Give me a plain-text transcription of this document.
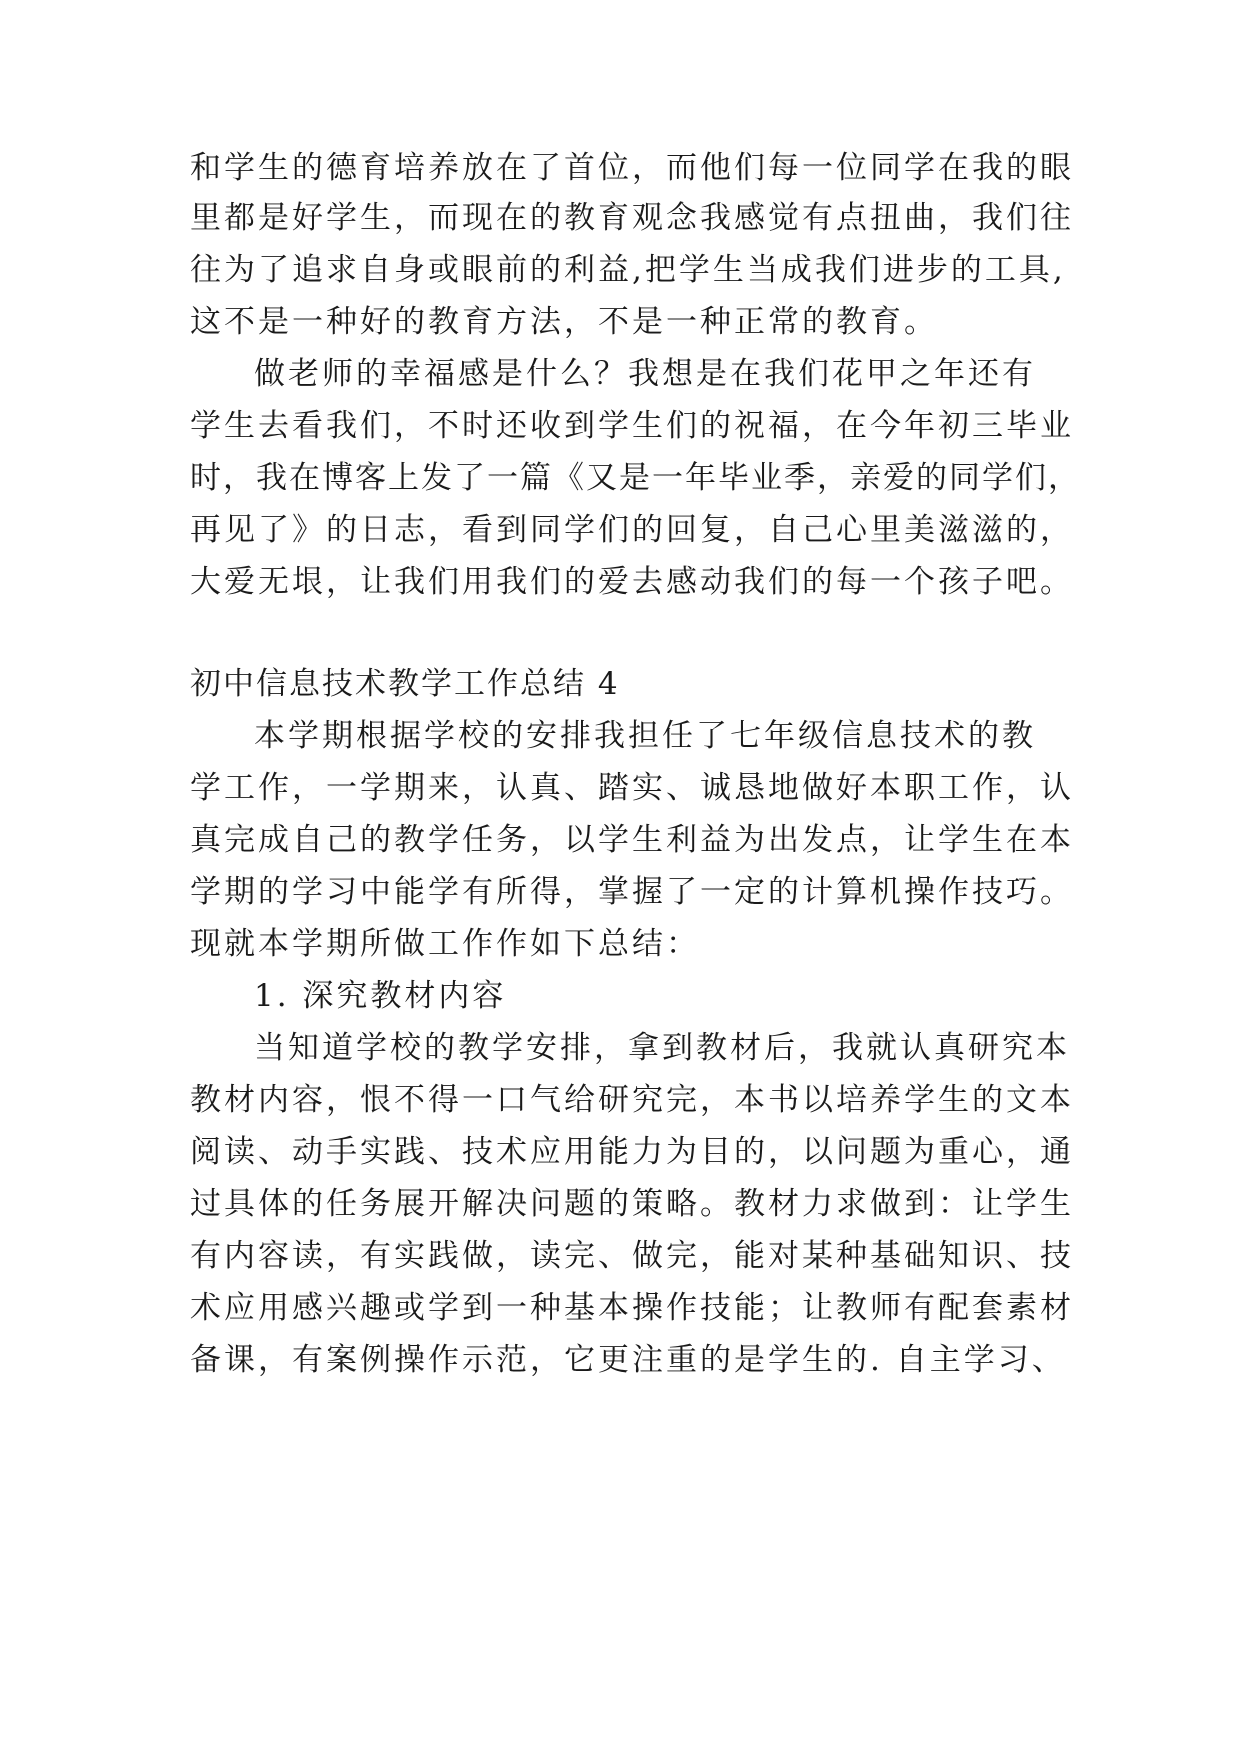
和学生的德育培养放在了首位，而他们每一位同学在我的眼
里都是好学生，而现在的教育观念我感觉有点扭曲，我们往
往为了追求自身或眼前的利益,把学生当成我们进步的工具,
这不是一种好的教育方法，不是一种正常的教育。
做老师的幸福感是什么？我想是在我们花甲之年还有
学生去看我们，不时还收到学生们的祝福，在今年初三毕业
时，我在博客上发了一篇《又是一年毕业季，亲爱的同学们，
再见了》的日志，看到同学们的回复，自己心里美滋滋的，
大爱无垠，让我们用我们的爱去感动我们的每一个孩子吧。
初中信息技术教学工作总结 4
本学期根据学校的安排我担任了七年级信息技术的教
学工作，一学期来，认真、踏实、诚恳地做好本职工作，认
真完成自己的教学任务，以学生利益为出发点，让学生在本
学期的学习中能学有所得，掌握了一定的计算机操作技巧。
现就本学期所做工作作如下总结：
1. 深究教材内容
当知道学校的教学安排，拿到教材后，我就认真研究本
教材内容，恨不得一口气给研究完，本书以培养学生的文本
阅读、动手实践、技术应用能力为目的，以问题为重心，通
过具体的任务展开解决问题的策略。教材力求做到：让学生
有内容读，有实践做，读完、做完，能对某种基础知识、技
术应用感兴趣或学到一种基本操作技能；让教师有配套素材
备课，有案例操作示范，它更注重的是学生的. 自主学习、
